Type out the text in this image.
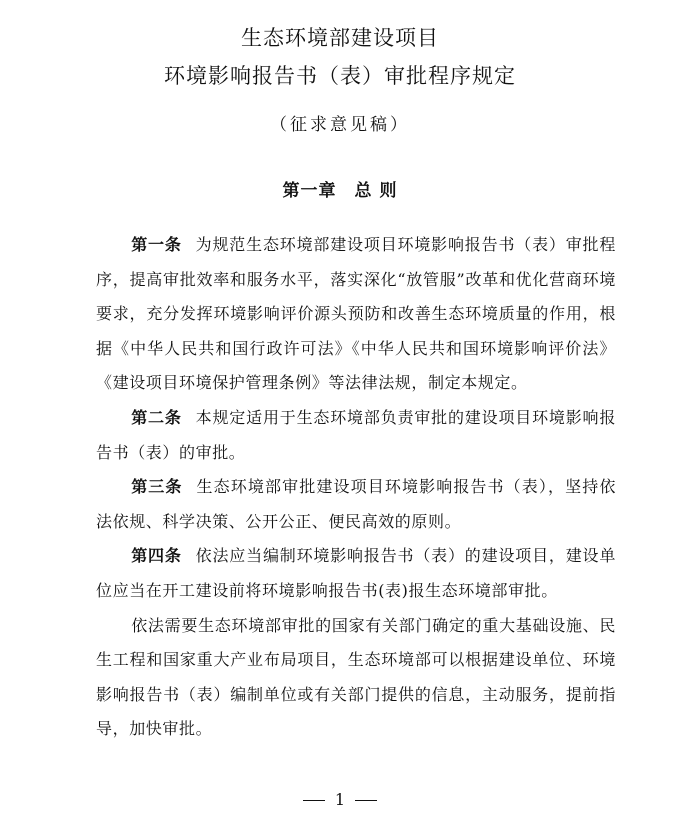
生态环境部建设项目
环境影响报告书（表）审批程序规定
（征求意见稿）
第一章 总 则

第一条 为规范生态环境部建设项目环境影响报告书（表）审批程序，提高审批效率和服务水平，落实深化“放管服”改革和优化营商环境要求，充分发挥环境影响评价源头预防和改善生态环境质量的作用，根据《中华人民共和国行政许可法》《中华人民共和国环境影响评价法》《建设项目环境保护管理条例》等法律法规，制定本规定。

第二条 本规定适用于生态环境部负责审批的建设项目环境影响报告书（表）的审批。

第三条 生态环境部审批建设项目环境影响报告书（表），坚持依法依规、科学决策、公开公正、便民高效的原则。

第四条 依法应当编制环境影响报告书（表）的建设项目，建设单位应当在开工建设前将环境影响报告书(表)报生态环境部审批。

依法需要生态环境部审批的国家有关部门确定的重大基础设施、民生工程和国家重大产业布局项目，生态环境部可以根据建设单位、环境影响报告书（表）编制单位或有关部门提供的信息，主动服务，提前指导，加快审批。

1
